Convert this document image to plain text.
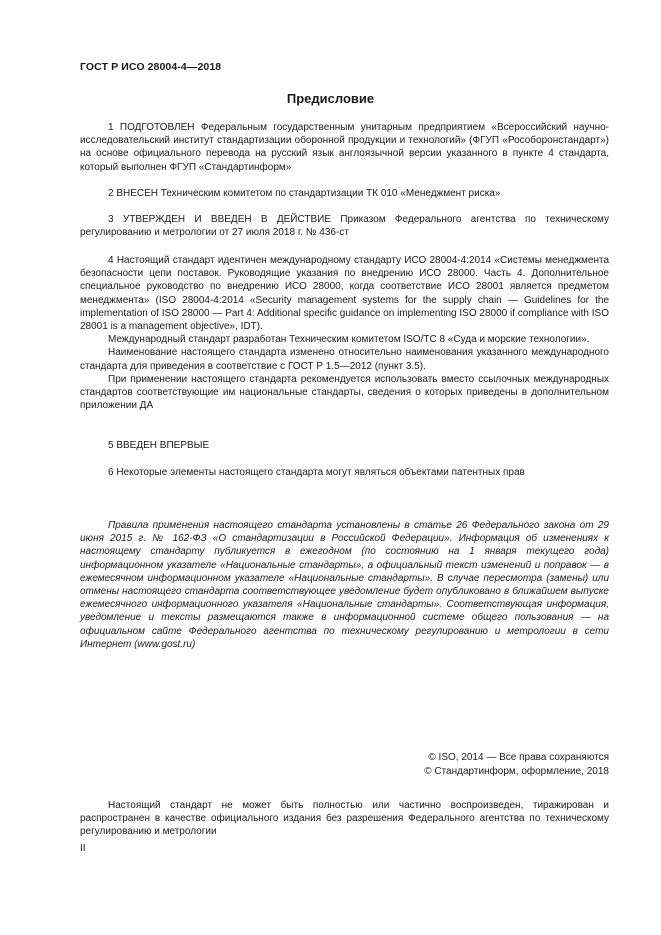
ГОСТ Р ИСО 28004-4—2018
Предисловие

1 ПОДГОТОВЛЕН Федеральным государственным унитарным предприятием «Всероссийский научно-исследовательский институт стандартизации оборонной продукции и технологий» (ФГУП «Рособоронстандарт») на основе официального перевода на русский язык англоязычной версии указанного в пункте 4 стандарта, который выполнен ФГУП «Стандартинформ»

2 ВНЕСЕН Техническим комитетом по стандартизации ТК 010 «Менеджмент риска»

3 УТВЕРЖДЕН И ВВЕДЕН В ДЕЙСТВИЕ Приказом Федерального агентства по техническому регулированию и метрологии от 27 июля 2018 г. № 436-ст

4 Настоящий стандарт идентичен международному стандарту ИСО 28004-4:2014 «Системы менеджмента безопасности цепи поставок. Руководящие указания по внедрению ИСО 28000. Часть 4. Дополнительное специальное руководство по внедрению ИСО 28000, когда соответствие ИСО 28001 является предметом менеджмента» (ISO 28004-4:2014 «Security management systems for the supply chain — Guidelines for the implementation of ISO 28000 — Part 4: Additional specific guidance on implementing ISO 28000 if compliance with ISO 28001 is a management objective», IDT).

Международный стандарт разработан Техническим комитетом ISO/TC 8 «Суда и морские технологии».

Наименование настоящего стандарта изменено относительно наименования указанного международного стандарта для приведения в соответствие с ГОСТ Р 1.5—2012 (пункт 3.5).

При применении настоящего стандарта рекомендуется использовать вместо ссылочных международных стандартов соответствующие им национальные стандарты, сведения о которых приведены в дополнительном приложении ДА

5 ВВЕДЕН ВПЕРВЫЕ

6 Некоторые элементы настоящего стандарта могут являться объектами патентных прав

Правила применения настоящего стандарта установлены в статье 26 Федерального закона от 29 июня 2015 г. № 162-ФЗ «О стандартизации в Российской Федерации». Информация об изменениях к настоящему стандарту публикуется в ежегодном (по состоянию на 1 января текущего года) информационном указателе «Национальные стандарты», а официальный текст изменений и поправок — в ежемесячном информационном указателе «Национальные стандарты». В случае пересмотра (замены) или отмены настоящего стандарта соответствующее уведомление будет опубликовано в ближайшем выпуске ежемесячного информационного указателя «Национальные стандарты». Соответствующая информация, уведомление и тексты размещаются также в информационной системе общего пользования — на официальном сайте Федерального агентства по техническому регулированию и метрологии в сети Интернет (www.gost.ru)

© ISO, 2014 — Все права сохраняются
© Стандартинформ, оформление, 2018

Настоящий стандарт не может быть полностью или частично воспроизведен, тиражирован и распространен в качестве официального издания без разрешения Федерального агентства по техническому регулированию и метрологии

II
